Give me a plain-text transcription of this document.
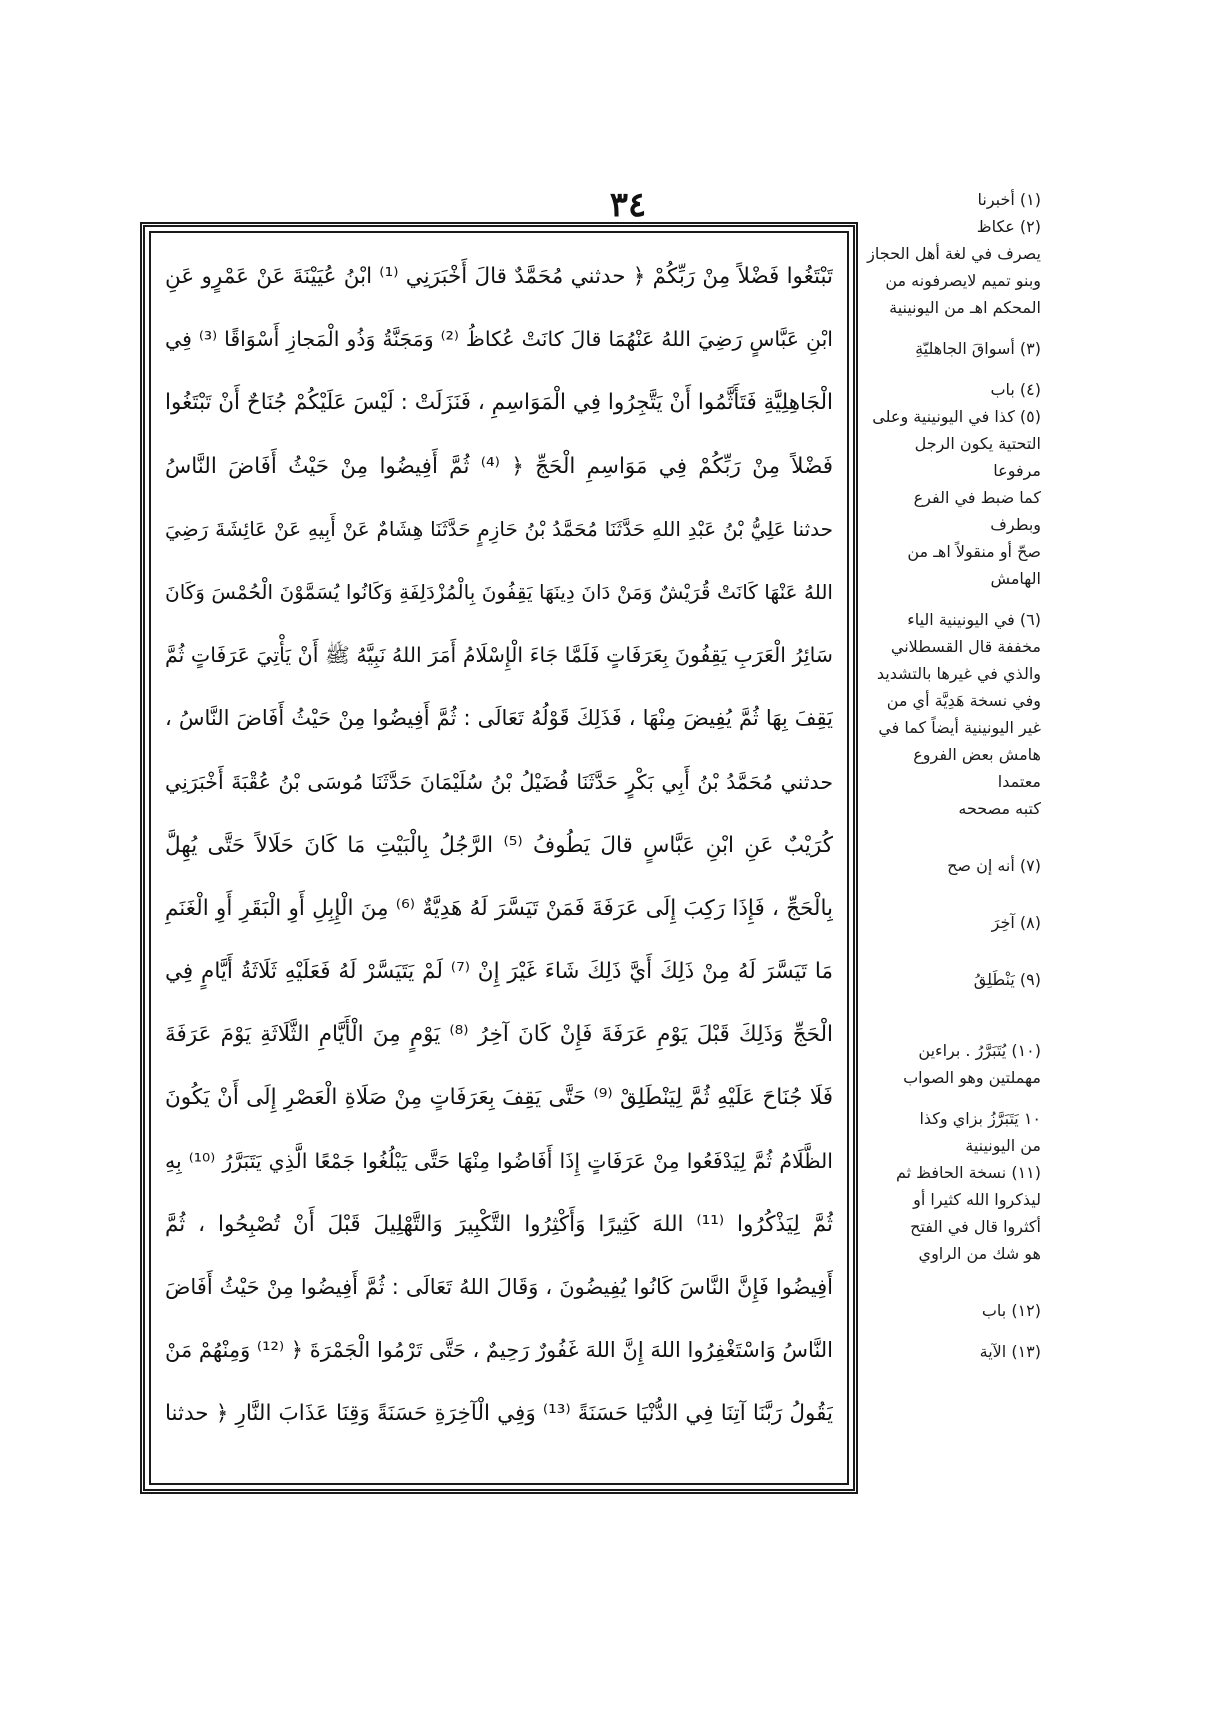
٣٤
تَبْتَغُوا فَضْلاً مِنْ رَبِّكُمْ ﴿ حدثني مُحَمَّدٌ قالَ أَخْبَرَنِي ⁽¹⁾ ابْنُ عُيَيْنَةَ عَنْ عَمْرٍو عَنِ
ابْنِ عَبَّاسٍ رَضِيَ اللهُ عَنْهُمَا قالَ كانَتْ عُكاظُ ⁽²⁾ وَمَجَنَّةُ وَذُو الْمَجازِ أَسْوَاقًا ⁽³⁾ فِي
الْجَاهِلِيَّةِ فَتَأَثَّمُوا أَنْ يَتَّجِرُوا فِي الْمَوَاسِمِ ، فَنَزَلَتْ : لَيْسَ عَلَيْكُمْ جُنَاحٌ أَنْ تَبْتَغُوا
فَضْلاً مِنْ رَبِّكُمْ فِي مَوَاسِمِ الْحَجِّ ﴿ ⁽⁴⁾ ثُمَّ أَفِيضُوا مِنْ حَيْثُ أَفَاضَ النَّاسُ
حدثنا عَلِيُّ بْنُ عَبْدِ اللهِ حَدَّثَنَا مُحَمَّدُ بْنُ حَازِمٍ حَدَّثَنَا هِشَامٌ عَنْ أَبِيهِ عَنْ عَائِشَةَ رَضِيَ
اللهُ عَنْهَا كَانَتْ قُرَيْشٌ وَمَنْ دَانَ دِينَهَا يَقِفُونَ بِالْمُزْدَلِفَةِ وَكَانُوا يُسَمَّوْنَ الْحُمْسَ وَكَانَ
سَائِرُ الْعَرَبِ يَقِفُونَ بِعَرَفَاتٍ فَلَمَّا جَاءَ الْإِسْلَامُ أَمَرَ اللهُ نَبِيَّهُ ﷺ أَنْ يَأْتِيَ عَرَفَاتٍ ثُمَّ
يَقِفَ بِهَا ثُمَّ يُفِيضَ مِنْهَا ، فَذَلِكَ قَوْلُهُ تَعَالَى : ثُمَّ أَفِيضُوا مِنْ حَيْثُ أَفَاضَ النَّاسُ ،
حدثني مُحَمَّدُ بْنُ أَبِي بَكْرٍ حَدَّثَنَا فُضَيْلُ بْنُ سُلَيْمَانَ حَدَّثَنَا مُوسَى بْنُ عُقْبَةَ أَخْبَرَنِي
كُرَيْبٌ عَنِ ابْنِ عَبَّاسٍ قالَ يَطُوفُ ⁽⁵⁾ الرَّجُلُ بِالْبَيْتِ مَا كَانَ حَلَالاً حَتَّى يُهِلَّ
بِالْحَجِّ ، فَإِذَا رَكِبَ إِلَى عَرَفَةَ فَمَنْ تَيَسَّرَ لَهُ هَدِيَّةٌ ⁽⁶⁾ مِنَ الْإِبِلِ أَوِ الْبَقَرِ أَوِ الْغَنَمِ
مَا تَيَسَّرَ لَهُ مِنْ ذَلِكَ أَيَّ ذَلِكَ شَاءَ غَيْرَ إِنْ ⁽⁷⁾ لَمْ يَتَيَسَّرْ لَهُ فَعَلَيْهِ ثَلَاثَةُ أَيَّامٍ فِي
الْحَجِّ وَذَلِكَ قَبْلَ يَوْمِ عَرَفَةَ فَإِنْ كَانَ آخِرُ ⁽⁸⁾ يَوْمٍ مِنَ الْأَيَّامِ الثَّلَاثَةِ يَوْمَ عَرَفَةَ
فَلَا جُنَاحَ عَلَيْهِ ثُمَّ لِيَنْطَلِقْ ⁽⁹⁾ حَتَّى يَقِفَ بِعَرَفَاتٍ مِنْ صَلَاةِ الْعَصْرِ إِلَى أَنْ يَكُونَ
الظَّلَامُ ثُمَّ لِيَدْفَعُوا مِنْ عَرَفَاتٍ إِذَا أَفَاضُوا مِنْهَا حَتَّى يَبْلُغُوا جَمْعًا الَّذِي يَتَبَرَّرُ ⁽¹⁰⁾ بِهِ
ثُمَّ لِيَذْكُرُوا ⁽¹¹⁾ اللهَ كَثِيرًا وَأَكْثِرُوا التَّكْبِيرَ وَالتَّهْلِيلَ قَبْلَ أَنْ تُصْبِحُوا ، ثُمَّ
أَفِيضُوا فَإِنَّ النَّاسَ كَانُوا يُفِيضُونَ ، وَقَالَ اللهُ تَعَالَى : ثُمَّ أَفِيضُوا مِنْ حَيْثُ أَفَاضَ
النَّاسُ وَاسْتَغْفِرُوا اللهَ إِنَّ اللهَ غَفُورٌ رَحِيمٌ ، حَتَّى تَرْمُوا الْجَمْرَةَ ﴿ ⁽¹²⁾ وَمِنْهُمْ مَنْ
يَقُولُ رَبَّنَا آتِنَا فِي الدُّنْيَا حَسَنَةً ⁽¹³⁾ وَفِي الْآخِرَةِ حَسَنَةً وَقِنَا عَذَابَ النَّارِ ﴿ حدثنا

(١) أخبرنا

(٢) عكاظ

يصرف في لغة أهل الحجاز

وبنو تميم لايصرفونه من

المحكم اهـ من اليونينية

(٣) أسواقَ الجاهليّةِ

(٤) باب

(٥) كذا في اليونينية وعلى

التحتية يكون الرجل مرفوعا

كما ضبط في الفرع وبطرف

صحّ أو منقولاً اهـ من الهامش

(٦) في اليونينية الياء

مخففة قال القسطلاني

والذي في غيرها بالتشديد

وفي نسخة هَدِيَّة أي من

غير اليونينية أيضاً كما في

هامش بعض الفروع معتمدا

كتبه مصححه

(٧) أنه إن صح

(٨) آخِرَ

(٩) يَنْطَلِقُ

(١٠) يُتَبَرَّرُ . براءين

مهملتين وهو الصواب

١٠ يَتَبَرَّزُ بزاي وكذا

من اليونينية

(١١) نسخة الحافظ ثم

ليذكروا الله كثيرا أو

أكثروا قال في الفتح

هو شك من الراوي

(١٢) باب

(١٣) الآية
